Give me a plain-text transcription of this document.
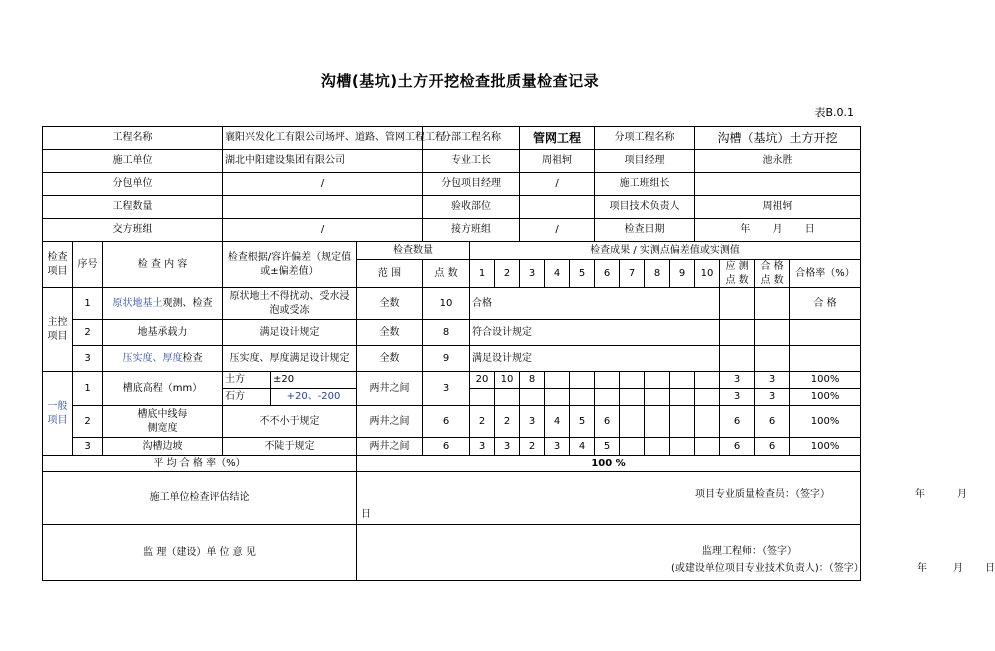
沟槽(基坑)土方开挖检查批质量检查记录
表B.0.1
工程名称			襄阳兴发化工有限公司场坪、道路、管网工程工程			分部工程名称			管网工程			分项工程名称				沟槽（基坑）土方开挖			
施工单位			湖北中阳建设集团有限公司			专业工长			周祖轲			项目经理				池永胜			
分包单位			/			分包项目经理			/			施工班组长							
工程数量						验收部位						项目技术负责人				周祖轲			
交方班组			/			接方班组			/			检查日期				年 月 日			
检查项目	序号	检 查 内 容	检查根据/容许偏差（规定值或±偏差值）		检查数量		检查成果 / 实测点偏差值或实测值												
					范 围	点 数	1	2	3	4	5	6	7	8	9	10	应 测 点 数	合 格 点 数	合格率（%）
主控项目	1	原状地基土观测、检查	原状地土不得扰动、受水浸泡或受冻		全数	10	合格												合 格
	2	地基承载力	满足设计规定		全数	8	符合设计规定												
	3	压实度、厚度检查	压实度、厚度满足设计规定		全数	9	满足设计规定												
一般项目	1	槽底高程（mm）	土方	±20	两井之间	3	20	10	8								3	3	100%
			石方	+20、-200													3	3	100%
	2	槽底中线每侧宽度	不不小于规定		两井之间	6	2	2	3	4	5	6					6	6	100%
	3	沟槽边坡	不陡于规定		两井之间	6	3	3	2	3	4	5					6	6	100%
平 均 合 格 率（%）					100 %														
施工单位检查评估结论					项目专业质量检查员：（签字） 年 月
日														

监 理（建设）单 位 意 见					监理工程师：（签字）
(或建设单位项目专业技术负责人)：（签字） 年 月 日														
